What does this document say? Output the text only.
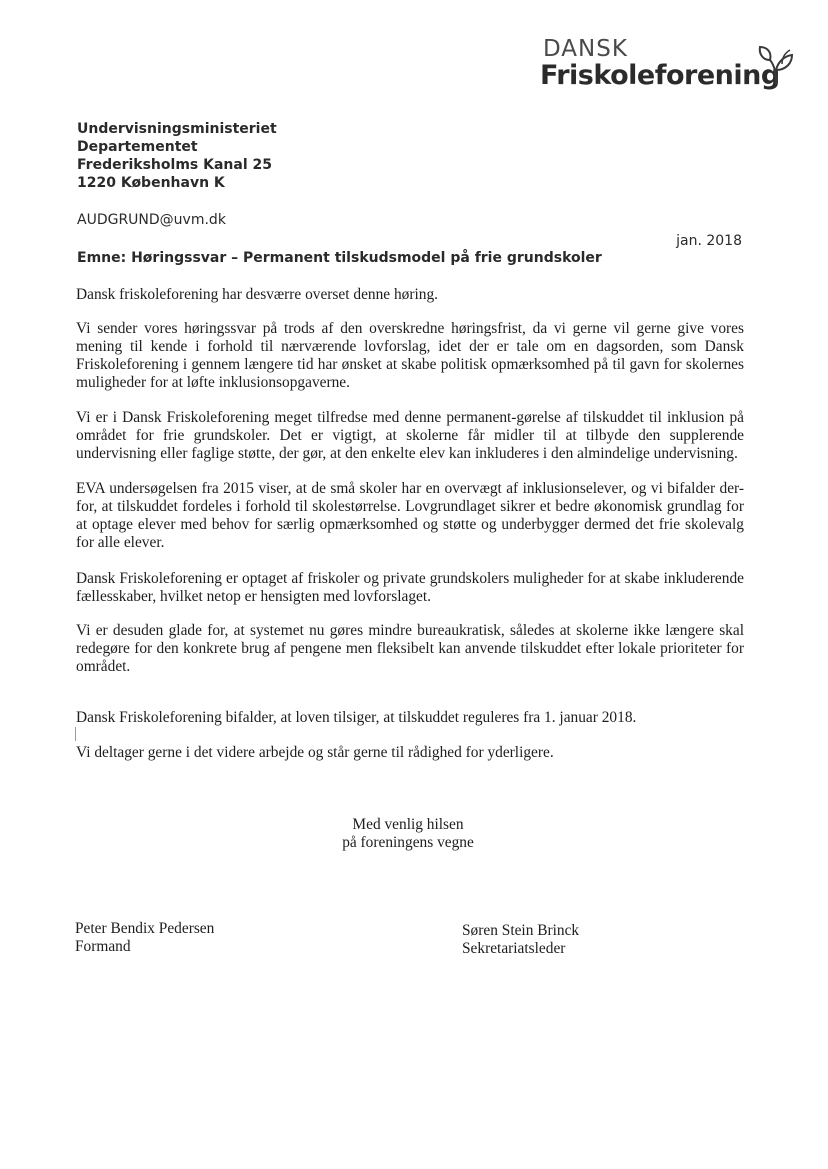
DANSK
Friskoleforening
Undervisningsministeriet
Departementet
Frederiksholms Kanal 25
1220 København K
AUDGRUND@uvm.dk
jan. 2018
Emne: Høringssvar – Permanent tilskudsmodel på frie grundskoler
Dansk friskoleforening har desværre overset denne høring.
Vi sender vores høringssvar på trods af den overskredne høringsfrist, da vi gerne vil gerne give vores mening til kende i forhold til nærværende lovforslag, idet der er tale om en dagsorden, som Dansk Friskoleforening i gennem længere tid har ønsket at skabe politisk opmærksomhed på til gavn for skolernes muligheder for at løfte inklusionsopgaverne.
Vi er i Dansk Friskoleforening meget tilfredse med denne permanent-gørelse af tilskuddet til inklusion på området for frie grundskoler. Det er vigtigt, at skolerne får midler til at tilbyde den supplerende undervisning eller faglige støtte, der gør, at den enkelte elev kan inkluderes i den almindelige undervisning.
EVA undersøgelsen fra 2015 viser, at de små skoler har en overvægt af inklusionselever, og vi bifalder der-for, at tilskuddet fordeles i forhold til skolestørrelse. Lovgrundlaget sikrer et bedre økonomisk grundlag for at optage elever med behov for særlig opmærksomhed og støtte og underbygger dermed det frie skolevalg for alle elever.
Dansk Friskoleforening er optaget af friskoler og private grundskolers muligheder for at skabe inkluderende fællesskaber, hvilket netop er hensigten med lovforslaget.
Vi er desuden glade for, at systemet nu gøres mindre bureaukratisk, således at skolerne ikke længere skal redegøre for den konkrete brug af pengene men fleksibelt kan anvende tilskuddet efter lokale prioriteter for området.
Dansk Friskoleforening bifalder, at loven tilsiger, at tilskuddet reguleres fra 1. januar 2018.
Vi deltager gerne i det videre arbejde og står gerne til rådighed for yderligere.
Med venlig hilsen
på foreningens vegne
Peter Bendix Pedersen
Formand
Søren Stein Brinck
Sekretariatsleder
